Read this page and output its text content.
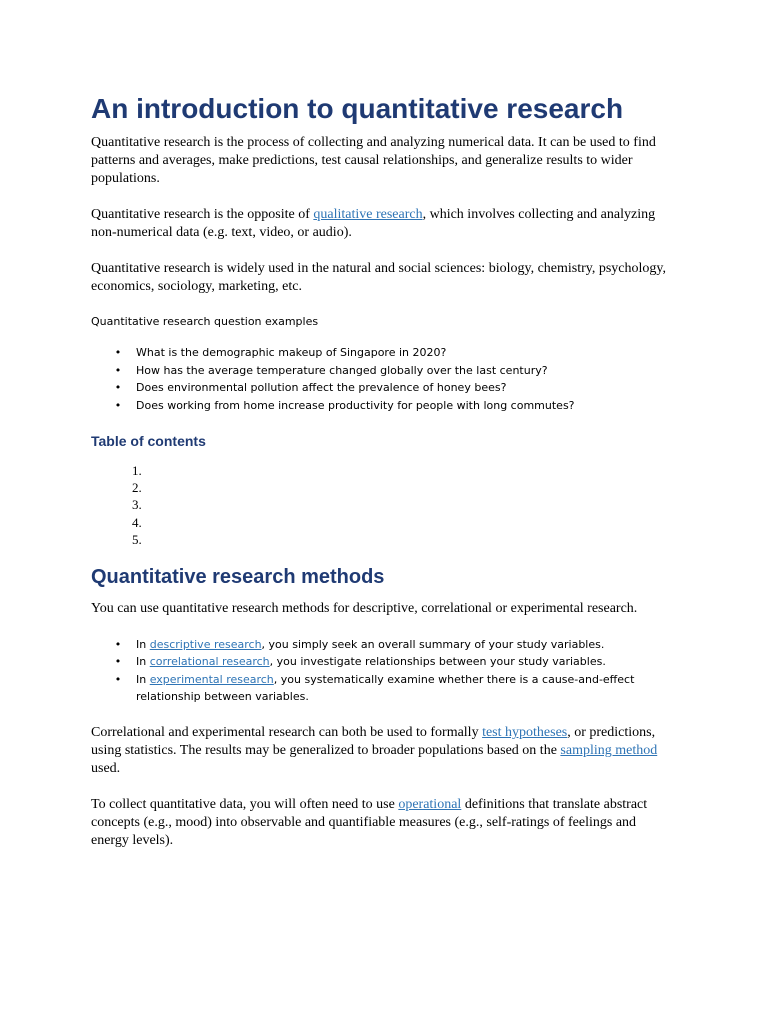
An introduction to quantitative research

Quantitative research is the process of collecting and analyzing numerical data. It can be used to find patterns and averages, make predictions, test causal relationships, and generalize results to wider populations.

Quantitative research is the opposite of qualitative research, which involves collecting and analyzing non-numerical data (e.g. text, video, or audio).

Quantitative research is widely used in the natural and social sciences: biology, chemistry, psychology, economics, sociology, marketing, etc.

Quantitative research question examples
• What is the demographic makeup of Singapore in 2020?
• How has the average temperature changed globally over the last century?
• Does environmental pollution affect the prevalence of honey bees?
• Does working from home increase productivity for people with long commutes?
Table of contents
1.
2.
3.
4.
5.
Quantitative research methods

You can use quantitative research methods for descriptive, correlational or experimental research.

• In descriptive research, you simply seek an overall summary of your study variables.
• In correlational research, you investigate relationships between your study variables.
• In experimental research, you systematically examine whether there is a cause-and-effect relationship between variables.

Correlational and experimental research can both be used to formally test hypotheses, or predictions, using statistics. The results may be generalized to broader populations based on the sampling method used.

To collect quantitative data, you will often need to use operational definitions that translate abstract concepts (e.g., mood) into observable and quantifiable measures (e.g., self-ratings of feelings and energy levels).
